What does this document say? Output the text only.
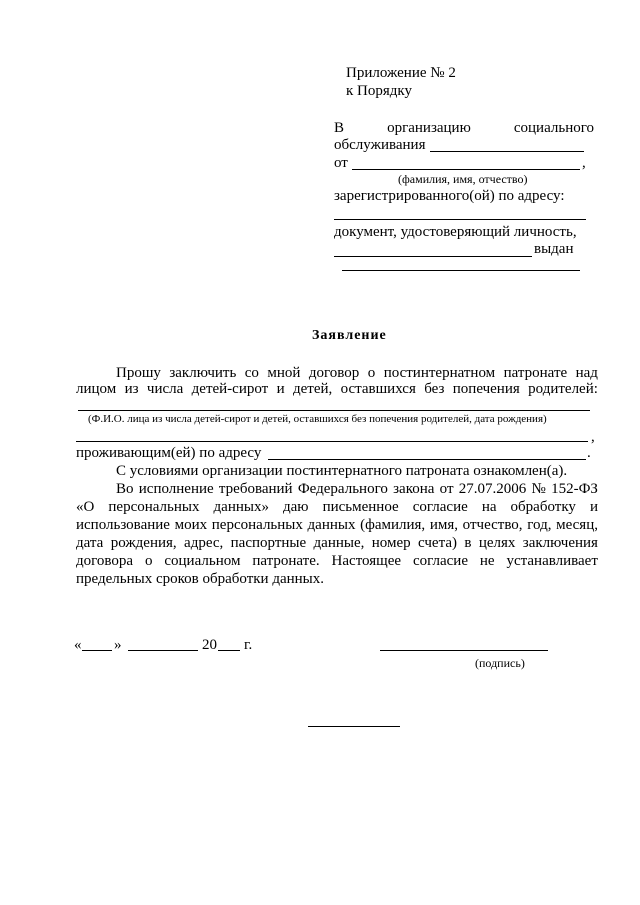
Приложение № 2
к Порядку
В	организацию	социального
обслуживания
от	,
(фамилия, имя, отчество)
зарегистрированного(ой) по адресу:
документ, удостоверяющий личность,
выдан
Заявление
Прошу заключить со мной договор о постинтернатном патронате над
лицом из числа детей-сирот и детей, оставшихся без попечения родителей:
(Ф.И.О. лица из числа детей-сирот и детей, оставшихся без попечения родителей, дата рождения)
,
проживающим(ей) по адресу	.
С условиями организации постинтернатного патроната ознакомлен(а).
Во исполнение требований Федерального закона от 27.07.2006 № 152-ФЗ
«О персональных данных» даю письменное согласие на обработку и
использование моих персональных данных (фамилия, имя, отчество, год, месяц,
дата рождения, адрес, паспортные данные, номер счета) в целях заключения
договора о социальном патронате. Настоящее согласие не устанавливает
предельных сроков обработки данных.
« »	20 г.
(подпись)
